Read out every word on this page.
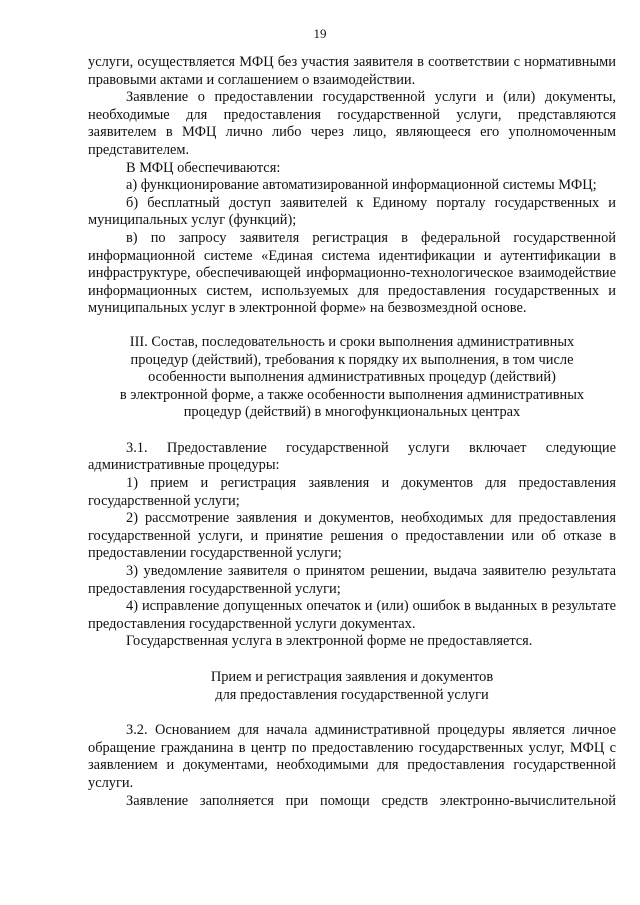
19

услуги, осуществляется МФЦ без участия заявителя в соответствии с нормативными правовыми актами и соглашением о взаимодействии.

Заявление о предоставлении государственной услуги и (или) документы, необходимые для предоставления государственной услуги, представляются заявителем в МФЦ лично либо через лицо, являющееся его уполномоченным представителем.

В МФЦ обеспечиваются:

а) функционирование автоматизированной информационной системы МФЦ;

б) бесплатный доступ заявителей к Единому порталу государственных и муниципальных услуг (функций);

в) по запросу заявителя регистрация в федеральной государственной информационной системе «Единая система идентификации и аутентификации в инфраструктуре, обеспечивающей информационно-технологическое взаимодействие информационных систем, используемых для предоставления государственных и муниципальных услуг в электронной форме» на безвозмездной основе.

III. Состав, последовательность и сроки выполнения административных

процедур (действий), требования к порядку их выполнения, в том числе

особенности выполнения административных процедур (действий)

в электронной форме, а также особенности выполнения административных

процедур (действий) в многофункциональных центрах

3.1. Предоставление государственной услуги включает следующие административные процедуры:

1) прием и регистрация заявления и документов для предоставления государственной услуги;

2) рассмотрение заявления и документов, необходимых для предоставления государственной услуги, и принятие решения о предоставлении или об отказе в предоставлении государственной услуги;

3) уведомление заявителя о принятом решении, выдача заявителю результата предоставления государственной услуги;

4) исправление допущенных опечаток и (или) ошибок в выданных в результате предоставления государственной услуги документах.

Государственная услуга в электронной форме не предоставляется.

Прием и регистрация заявления и документов

для предоставления государственной услуги

3.2. Основанием для начала административной процедуры является личное обращение гражданина в центр по предоставлению государственных услуг, МФЦ с заявлением и документами, необходимыми для предоставления государственной услуги.

Заявление заполняется при помощи средств электронно-вычислительной
